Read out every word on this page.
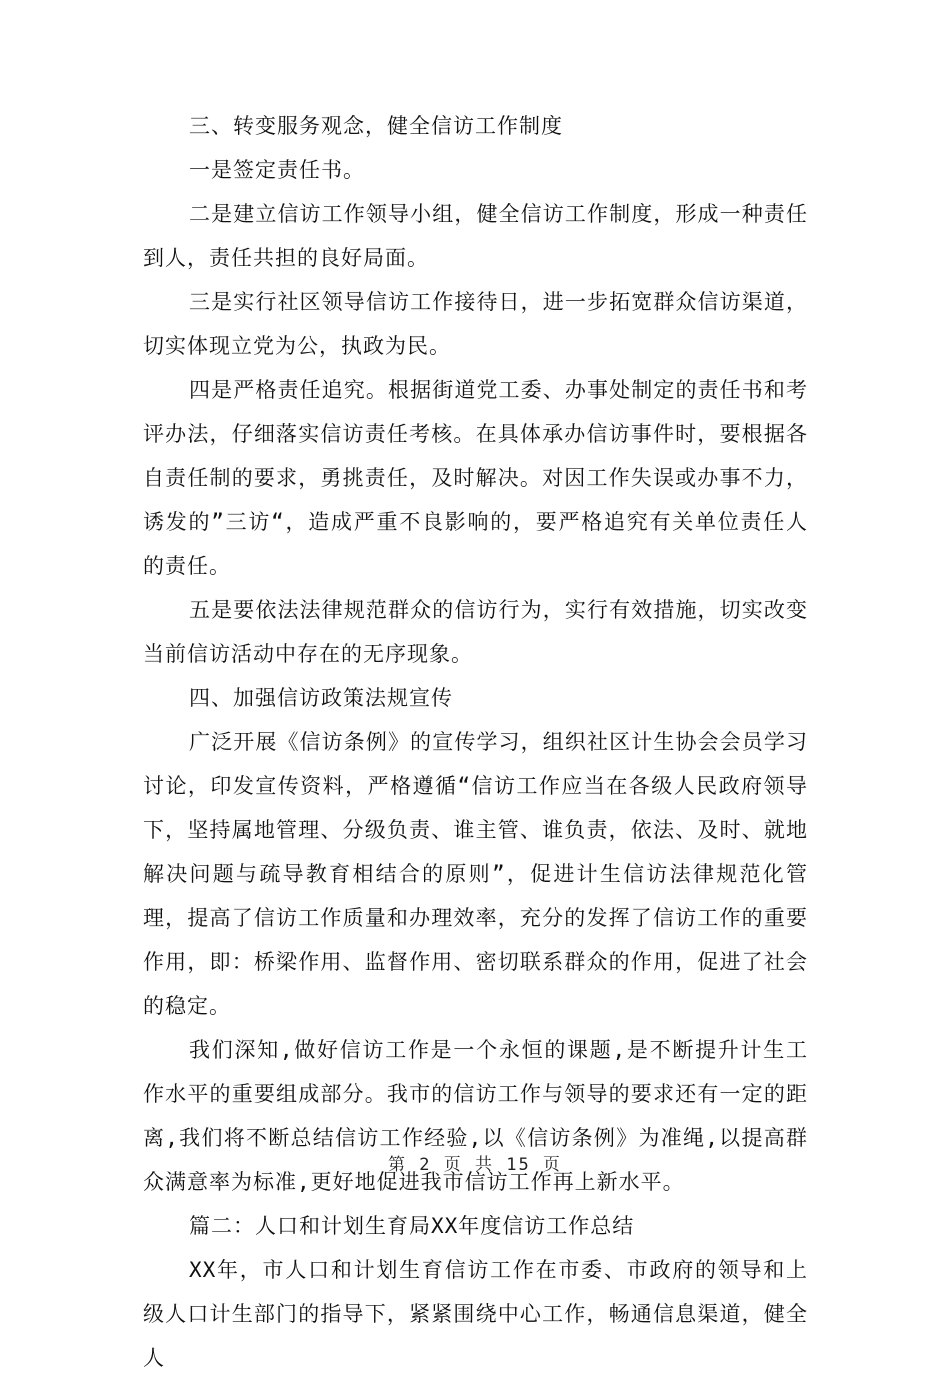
三、转变服务观念，健全信访工作制度

一是签定责任书。

二是建立信访工作领导小组，健全信访工作制度，形成一种责任到人，责任共担的良好局面。

三是实行社区领导信访工作接待日，进一步拓宽群众信访渠道，切实体现立党为公，执政为民。

四是严格责任追究。根据街道党工委、办事处制定的责任书和考评办法，仔细落实信访责任考核。在具体承办信访事件时，要根据各自责任制的要求，勇挑责任，及时解决。对因工作失误或办事不力，诱发的”三访“，造成严重不良影响的，要严格追究有关单位责任人的责任。

五是要依法法律规范群众的信访行为，实行有效措施，切实改变当前信访活动中存在的无序现象。

四、加强信访政策法规宣传

广泛开展《信访条例》的宣传学习，组织社区计生协会会员学习讨论，印发宣传资料，严格遵循“信访工作应当在各级人民政府领导下，坚持属地管理、分级负责、谁主管、谁负责，依法、及时、就地解决问题与疏导教育相结合的原则”，促进计生信访法律规范化管理，提高了信访工作质量和办理效率，充分的发挥了信访工作的重要作用，即：桥梁作用、监督作用、密切联系群众的作用，促进了社会的稳定。

我们深知,做好信访工作是一个永恒的课题,是不断提升计生工作水平的重要组成部分。我市的信访工作与领导的要求还有一定的距离,我们将不断总结信访工作经验,以《信访条例》为准绳,以提高群众满意率为标准,更好地促进我市信访工作再上新水平。

篇二：人口和计划生育局XX年度信访工作总结

XX年，市人口和计划生育信访工作在市委、市政府的领导和上级人口计生部门的指导下，紧紧围绕中心工作，畅通信息渠道，健全人

第 2 页 共 15 页
